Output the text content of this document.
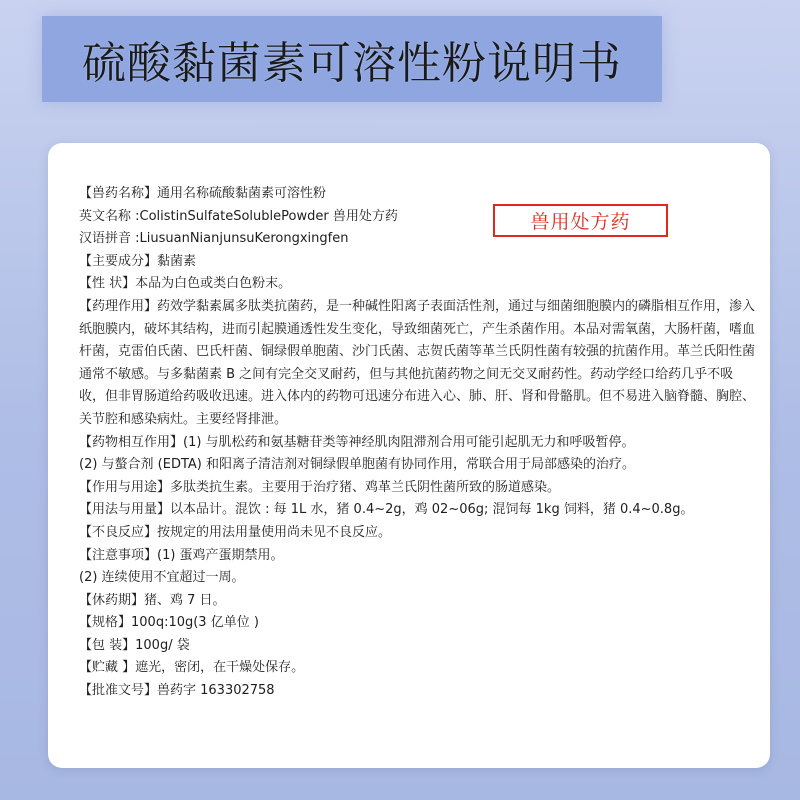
硫酸黏菌素可溶性粉说明书

【兽药名称】通用名称硫酸黏菌素可溶性粉

英文名称 :ColistinSulfateSolublePowder 兽用处方药

汉语拼音 :LiusuanNianjunsuKerongxingfen

【主要成分】黏菌素

【性 状】本品为白色或类白色粉末。

【药理作用】药效学黏素属多肽类抗菌药，是一种碱性阳离子表面活性剂，通过与细菌细胞膜内的磷脂相互作用，渗入纸胞膜内，破坏其结构，进而引起膜通透性发生变化，导致细菌死亡，产生杀菌作用。本品对需氧菌，大肠杆菌，嗜血杆菌，克雷伯氏菌、巴氏杆菌、铜绿假单胞菌、沙门氏菌、志贺氏菌等革兰氏阴性菌有较强的抗菌作用。革兰氏阳性菌通常不敏感。与多黏菌素 B 之间有完全交叉耐药，但与其他抗菌药物之间无交叉耐药性。药动学经口给药几乎不吸收，但非胃肠道给药吸收迅速。进入体内的药物可迅速分布进入心、肺、肝、肾和骨骼肌。但不易进入脑脊髓、胸腔、关节腔和感染病灶。主要经肾排泄。

【药物相互作用】(1) 与肌松药和氨基糖苷类等神经肌肉阻滞剂合用可能引起肌无力和呼吸暂停。

(2) 与螯合剂 (EDTA) 和阳离子清洁剂对铜绿假单胞菌有协同作用，常联合用于局部感染的治疗。

【作用与用途】多肽类抗生素。主要用于治疗猪、鸡革兰氏阴性菌所致的肠道感染。

【用法与用量】以本品计。混饮 : 每 1L 水，猪 0.4~2g，鸡 02~06g; 混饲每 1kg 饲料，猪 0.4~0.8g。

【不良反应】按规定的用法用量使用尚未见不良反应。

【注意事项】(1) 蛋鸡产蛋期禁用。

(2) 连续使用不宜超过一周。

【休药期】猪、鸡 7 日。

【规格】100q:10g(3 亿单位 )

【包 装】100g/ 袋

【贮藏 】遮光，密闭，在干燥处保存。

【批准文号】兽药字 163302758

兽用处方药
